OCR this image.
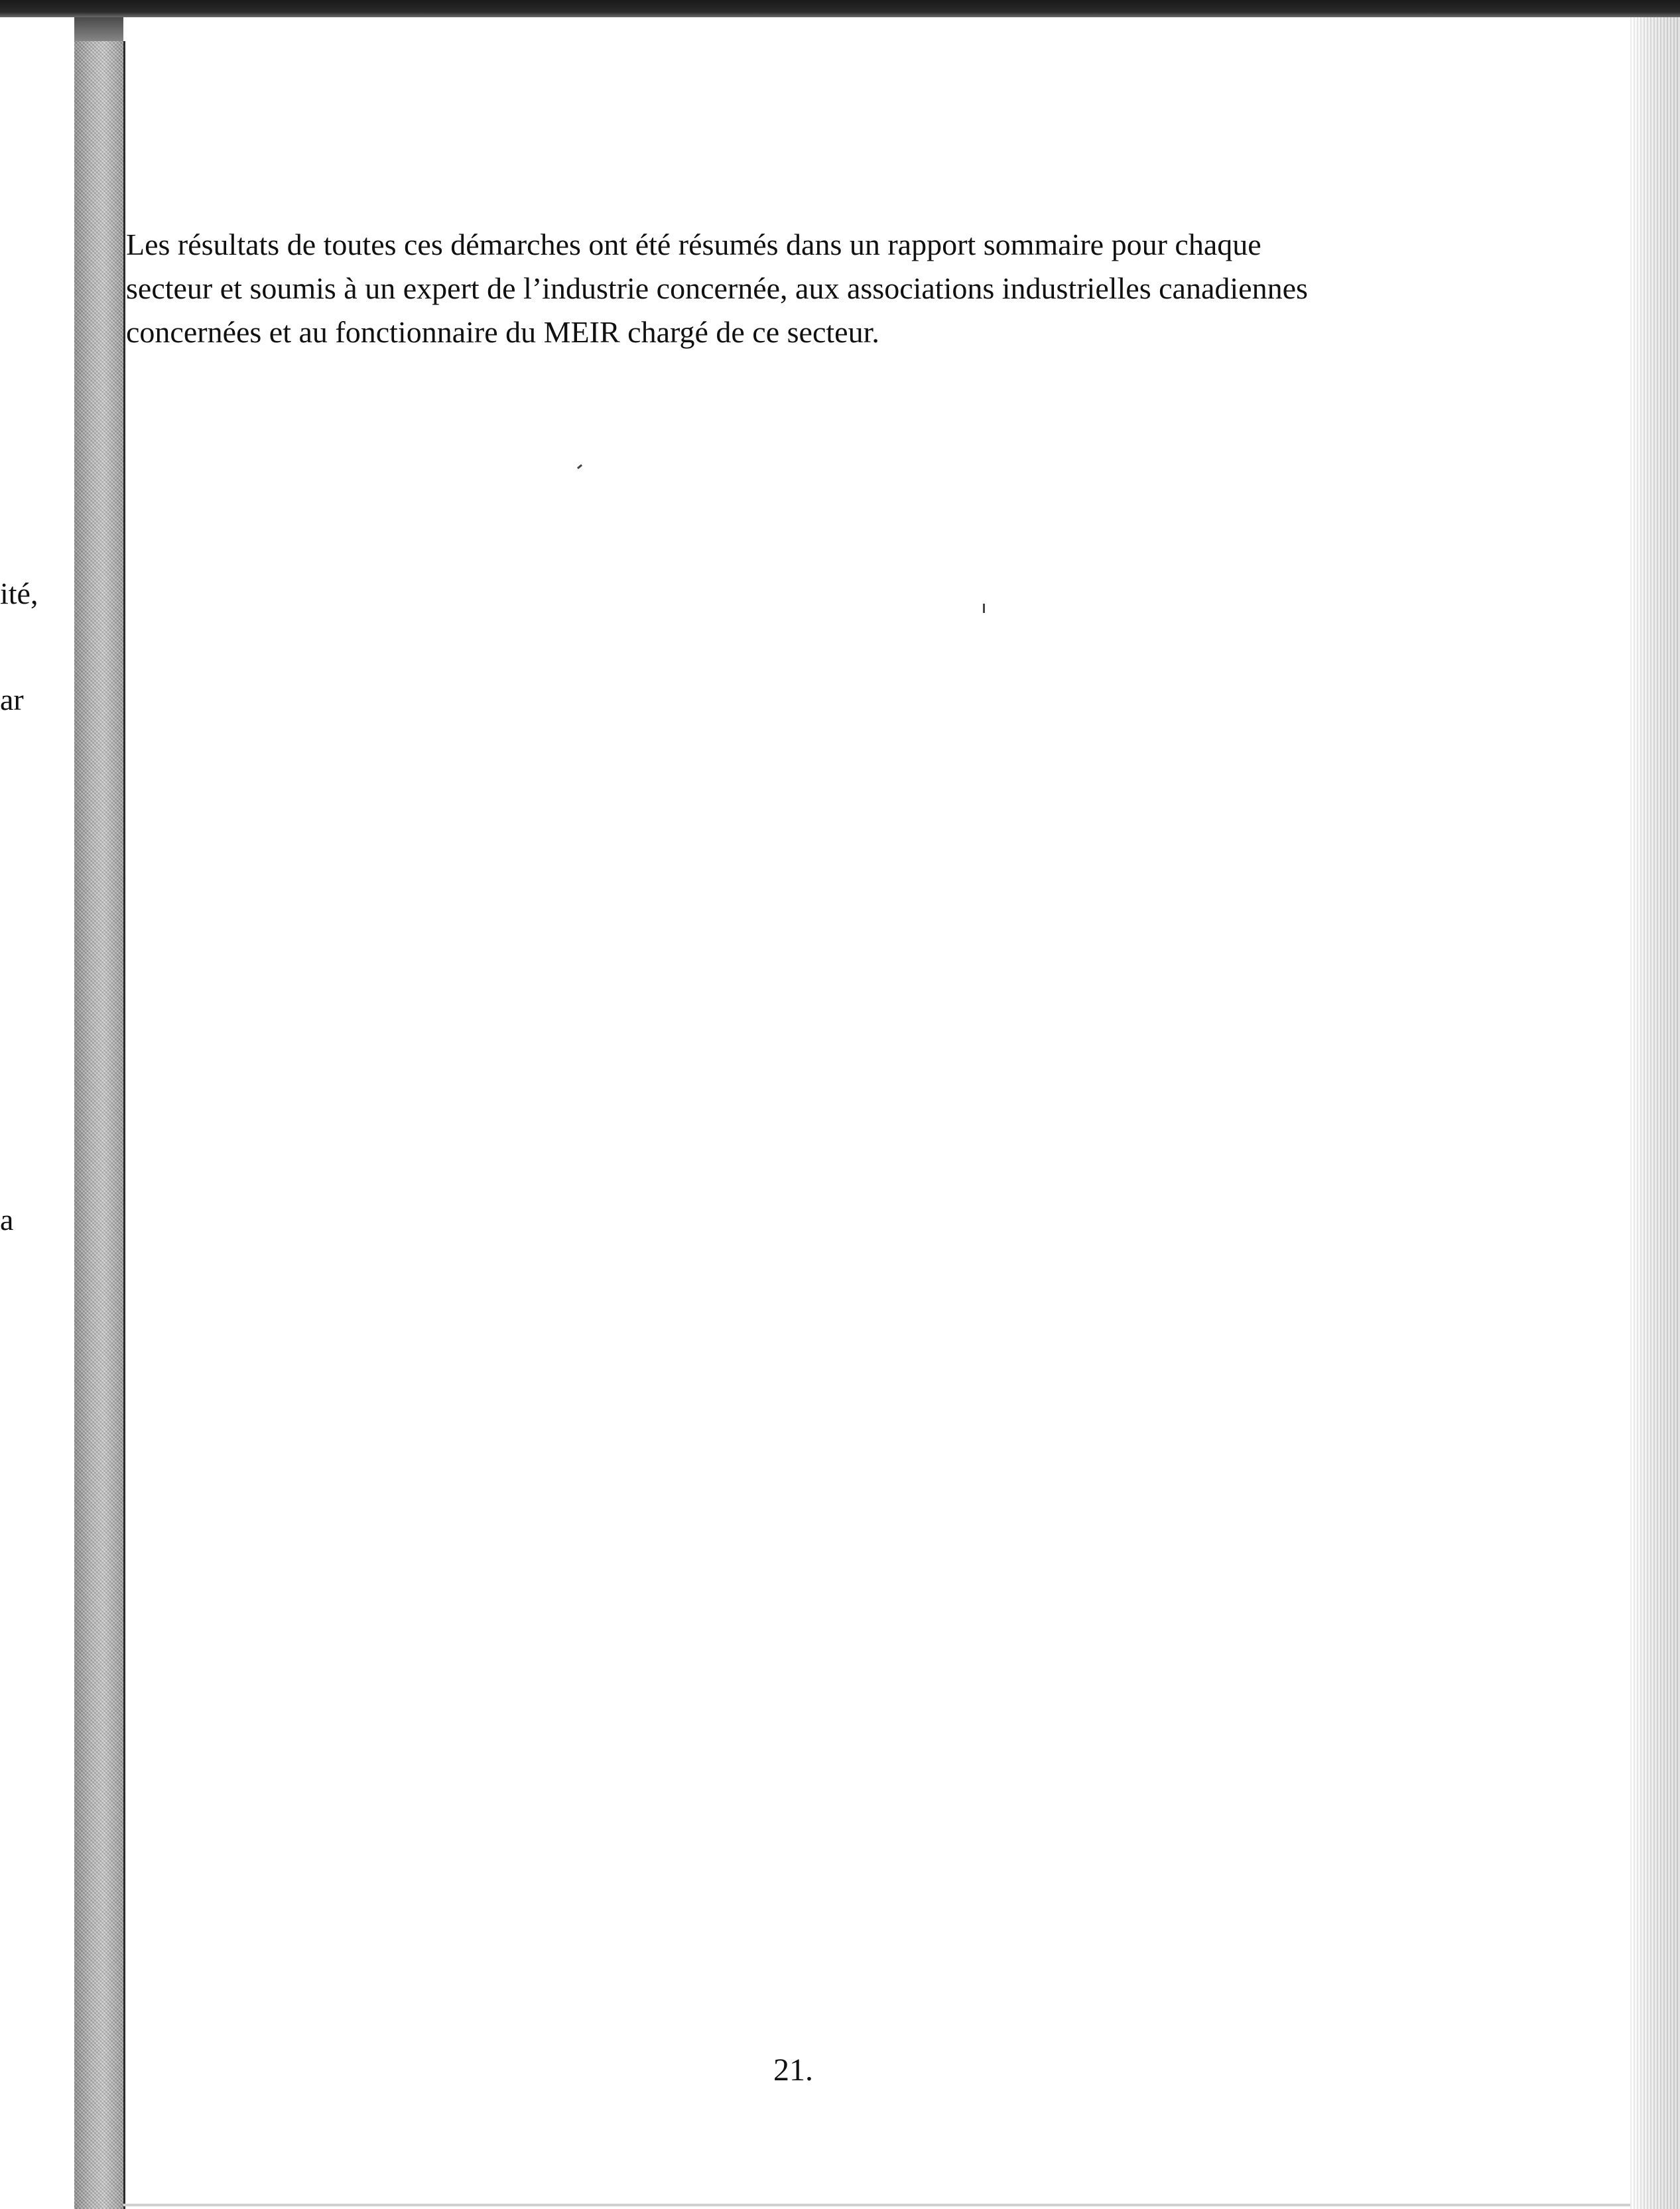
ité,
ar
a

Les résultats de toutes ces démarches ont été résumés dans un rapport sommaire pour chaque
secteur et soumis à un expert de l’industrie concernée, aux associations industrielles canadiennes
concernées et au fonctionnaire du MEIR chargé de ce secteur.

21.
